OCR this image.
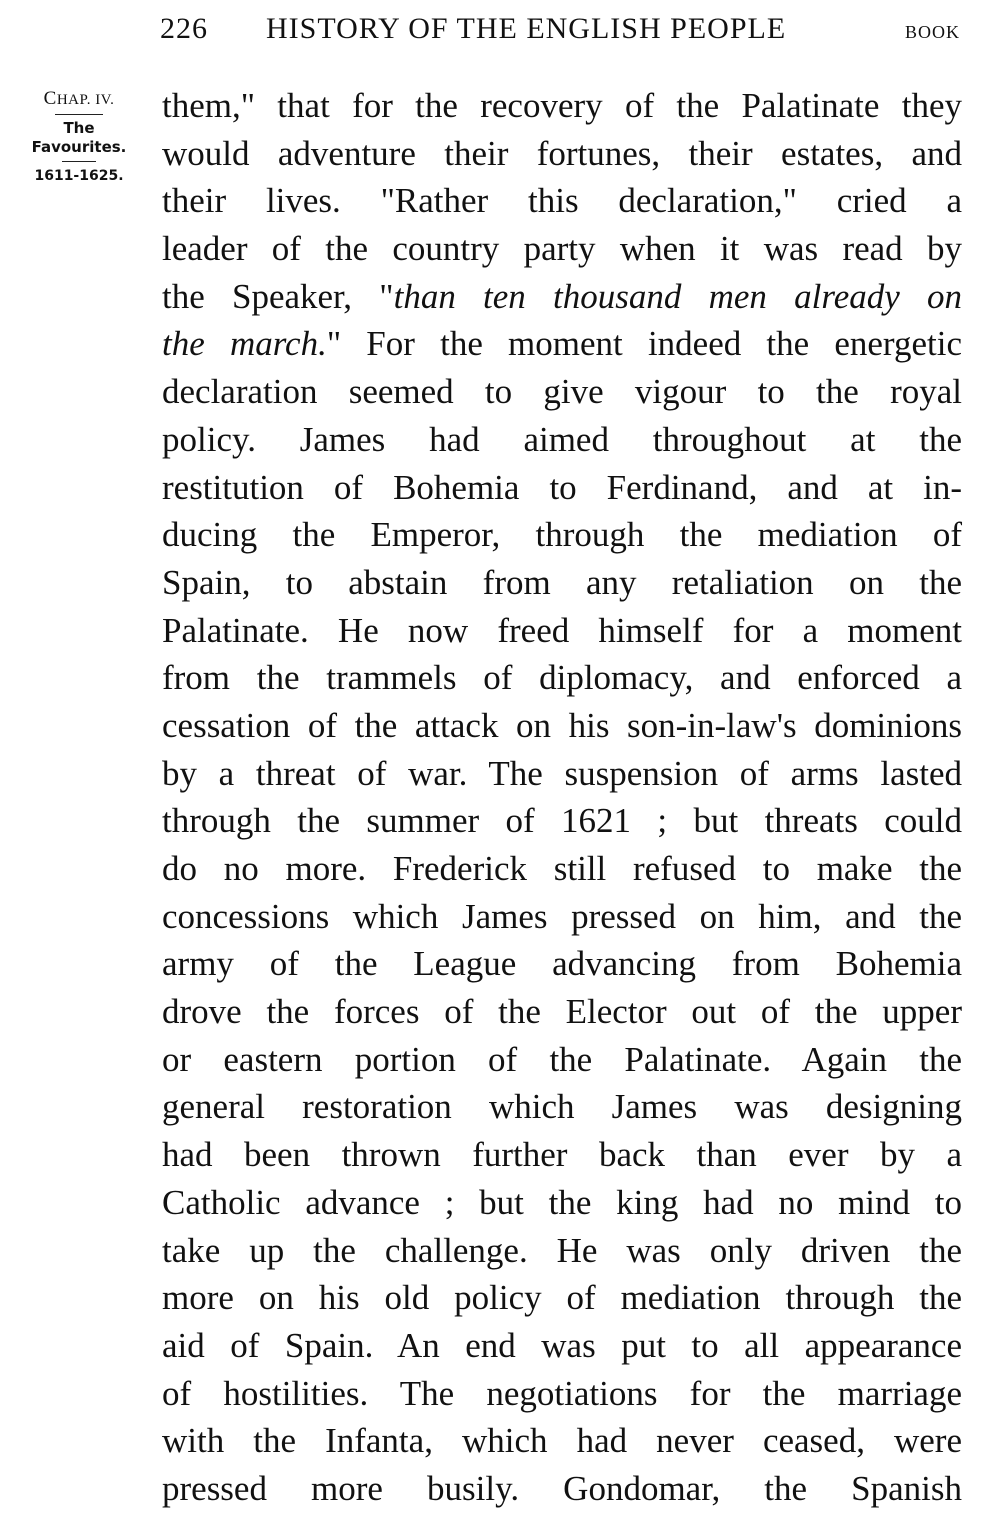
226 HISTORY OF THE ENGLISH PEOPLE	BOOK
CHAP. IV.
The
Favourites.
1611-1625.
them," that for the recovery of the Palatinate they
would adventure their fortunes, their estates, and
their lives. "Rather this declaration," cried a
leader of the country party when it was read by
the Speaker, "than ten thousand men already on
the march." For the moment indeed the energetic
declaration seemed to give vigour to the royal
policy. James had aimed throughout at the
restitution of Bohemia to Ferdinand, and at in-
ducing the Emperor, through the mediation of
Spain, to abstain from any retaliation on the
Palatinate. He now freed himself for a moment
from the trammels of diplomacy, and enforced a
cessation of the attack on his son-in-law's dominions
by a threat of war. The suspension of arms lasted
through the summer of 1621 ; but threats could
do no more. Frederick still refused to make the
concessions which James pressed on him, and the
army of the League advancing from Bohemia
drove the forces of the Elector out of the upper
or eastern portion of the Palatinate. Again the
general restoration which James was designing
had been thrown further back than ever by a
Catholic advance ; but the king had no mind to
take up the challenge. He was only driven the
more on his old policy of mediation through the
aid of Spain. An end was put to all appearance
of hostilities. The negotiations for the marriage
with the Infanta, which had never ceased, were
pressed more busily. Gondomar, the Spanish
